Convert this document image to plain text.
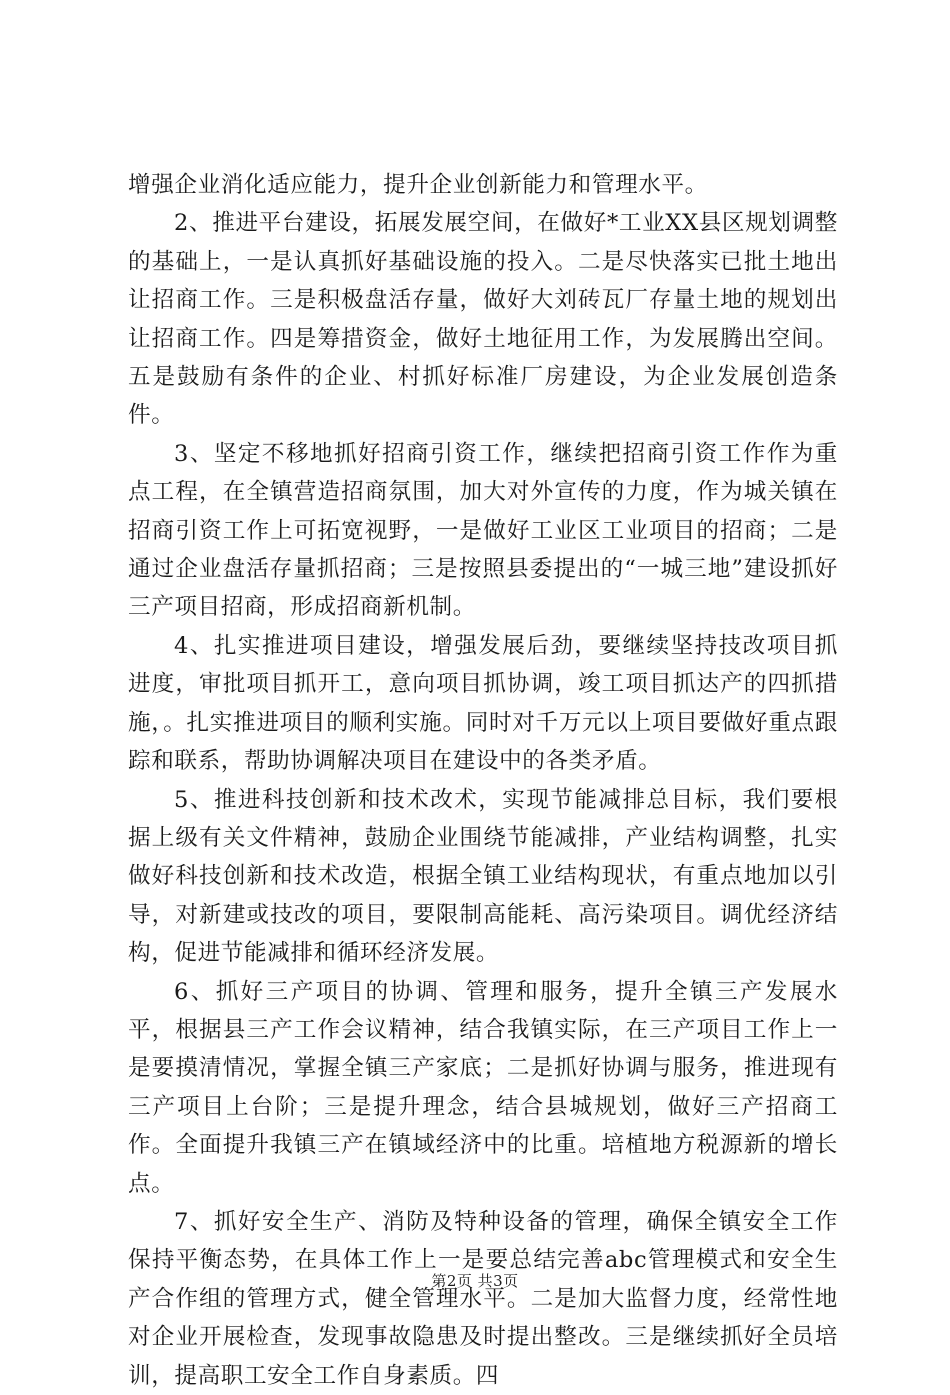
增强企业消化适应能力，提升企业创新能力和管理水平。

2、推进平台建设，拓展发展空间，在做好*工业XX县区规划调整的基础上，一是认真抓好基础设施的投入。二是尽快落实已批土地出让招商工作。三是积极盘活存量，做好大刘砖瓦厂存量土地的规划出让招商工作。四是筹措资金，做好土地征用工作，为发展腾出空间。五是鼓励有条件的企业、村抓好标准厂房建设，为企业发展创造条件。

3、坚定不移地抓好招商引资工作，继续把招商引资工作作为重点工程，在全镇营造招商氛围，加大对外宣传的力度，作为城关镇在招商引资工作上可拓宽视野，一是做好工业区工业项目的招商；二是通过企业盘活存量抓招商；三是按照县委提出的“一城三地”建设抓好三产项目招商，形成招商新机制。

4、扎实推进项目建设，增强发展后劲，要继续坚持技改项目抓进度，审批项目抓开工，意向项目抓协调，竣工项目抓达产的四抓措施，。扎实推进项目的顺利实施。同时对千万元以上项目要做好重点跟踪和联系，帮助协调解决项目在建设中的各类矛盾。

5、推进科技创新和技术改术，实现节能减排总目标，我们要根据上级有关文件精神，鼓励企业围绕节能减排，产业结构调整，扎实做好科技创新和技术改造，根据全镇工业结构现状，有重点地加以引导，对新建或技改的项目，要限制高能耗、高污染项目。调优经济结构，促进节能减排和循环经济发展。

6、抓好三产项目的协调、管理和服务，提升全镇三产发展水平，根据县三产工作会议精神，结合我镇实际，在三产项目工作上一是要摸清情况，掌握全镇三产家底；二是抓好协调与服务，推进现有三产项目上台阶；三是提升理念，结合县城规划，做好三产招商工作。全面提升我镇三产在镇域经济中的比重。培植地方税源新的增长点。

7、抓好安全生产、消防及特种设备的管理，确保全镇安全工作保持平衡态势，在具体工作上一是要总结完善abc管理模式和安全生产合作组的管理方式，健全管理水平。二是加大监督力度，经常性地对企业开展检查，发现事故隐患及时提出整改。三是继续抓好全员培训，提高职工安全工作自身素质。四

第2页 共3页
